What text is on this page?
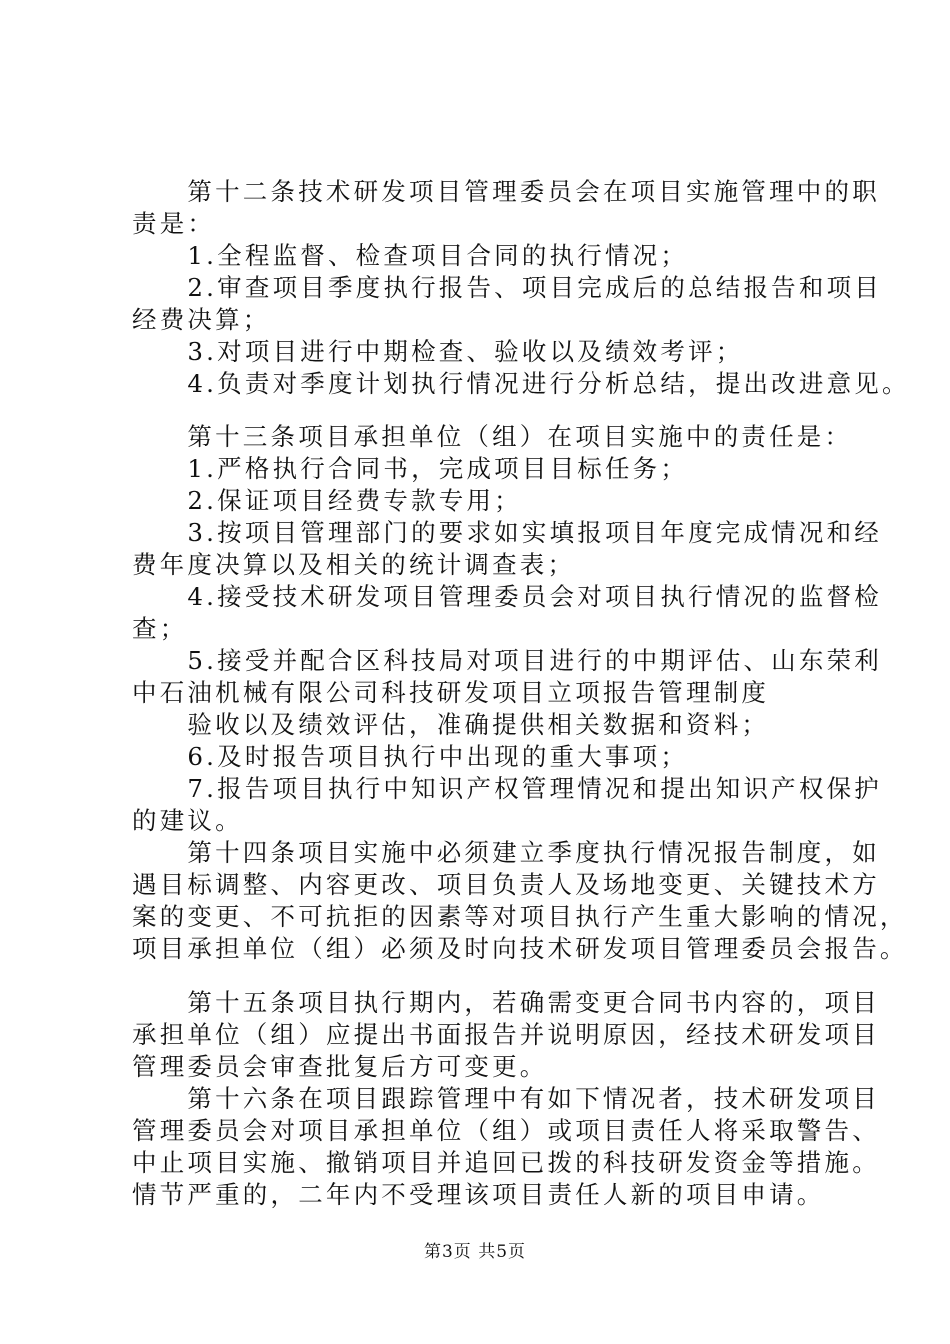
　　第十二条技术研发项目管理委员会在项目实施管理中的职
责是：
　　1.全程监督、检查项目合同的执行情况；
　　2.审查项目季度执行报告、项目完成后的总结报告和项目
经费决算；
　　3.对项目进行中期检查、验收以及绩效考评；
　　4.负责对季度计划执行情况进行分析总结，提出改进意见。
　　第十三条项目承担单位（组）在项目实施中的责任是：
　　1.严格执行合同书，完成项目目标任务；
　　2.保证项目经费专款专用；
　　3.按项目管理部门的要求如实填报项目年度完成情况和经
费年度决算以及相关的统计调查表；
　　4.接受技术研发项目管理委员会对项目执行情况的监督检
查；
　　5.接受并配合区科技局对项目进行的中期评估、山东荣利
中石油机械有限公司科技研发项目立项报告管理制度
　　验收以及绩效评估，准确提供相关数据和资料；
　　6.及时报告项目执行中出现的重大事项；
　　7.报告项目执行中知识产权管理情况和提出知识产权保护
的建议。
　　第十四条项目实施中必须建立季度执行情况报告制度，如
遇目标调整、内容更改、项目负责人及场地变更、关键技术方
案的变更、不可抗拒的因素等对项目执行产生重大影响的情况，
项目承担单位（组）必须及时向技术研发项目管理委员会报告。
　　第十五条项目执行期内，若确需变更合同书内容的，项目
承担单位（组）应提出书面报告并说明原因，经技术研发项目
管理委员会审查批复后方可变更。
　　第十六条在项目跟踪管理中有如下情况者，技术研发项目
管理委员会对项目承担单位（组）或项目责任人将采取警告、
中止项目实施、撤销项目并追回已拨的科技研发资金等措施。
情节严重的，二年内不受理该项目责任人新的项目申请。
第3页 共5页
